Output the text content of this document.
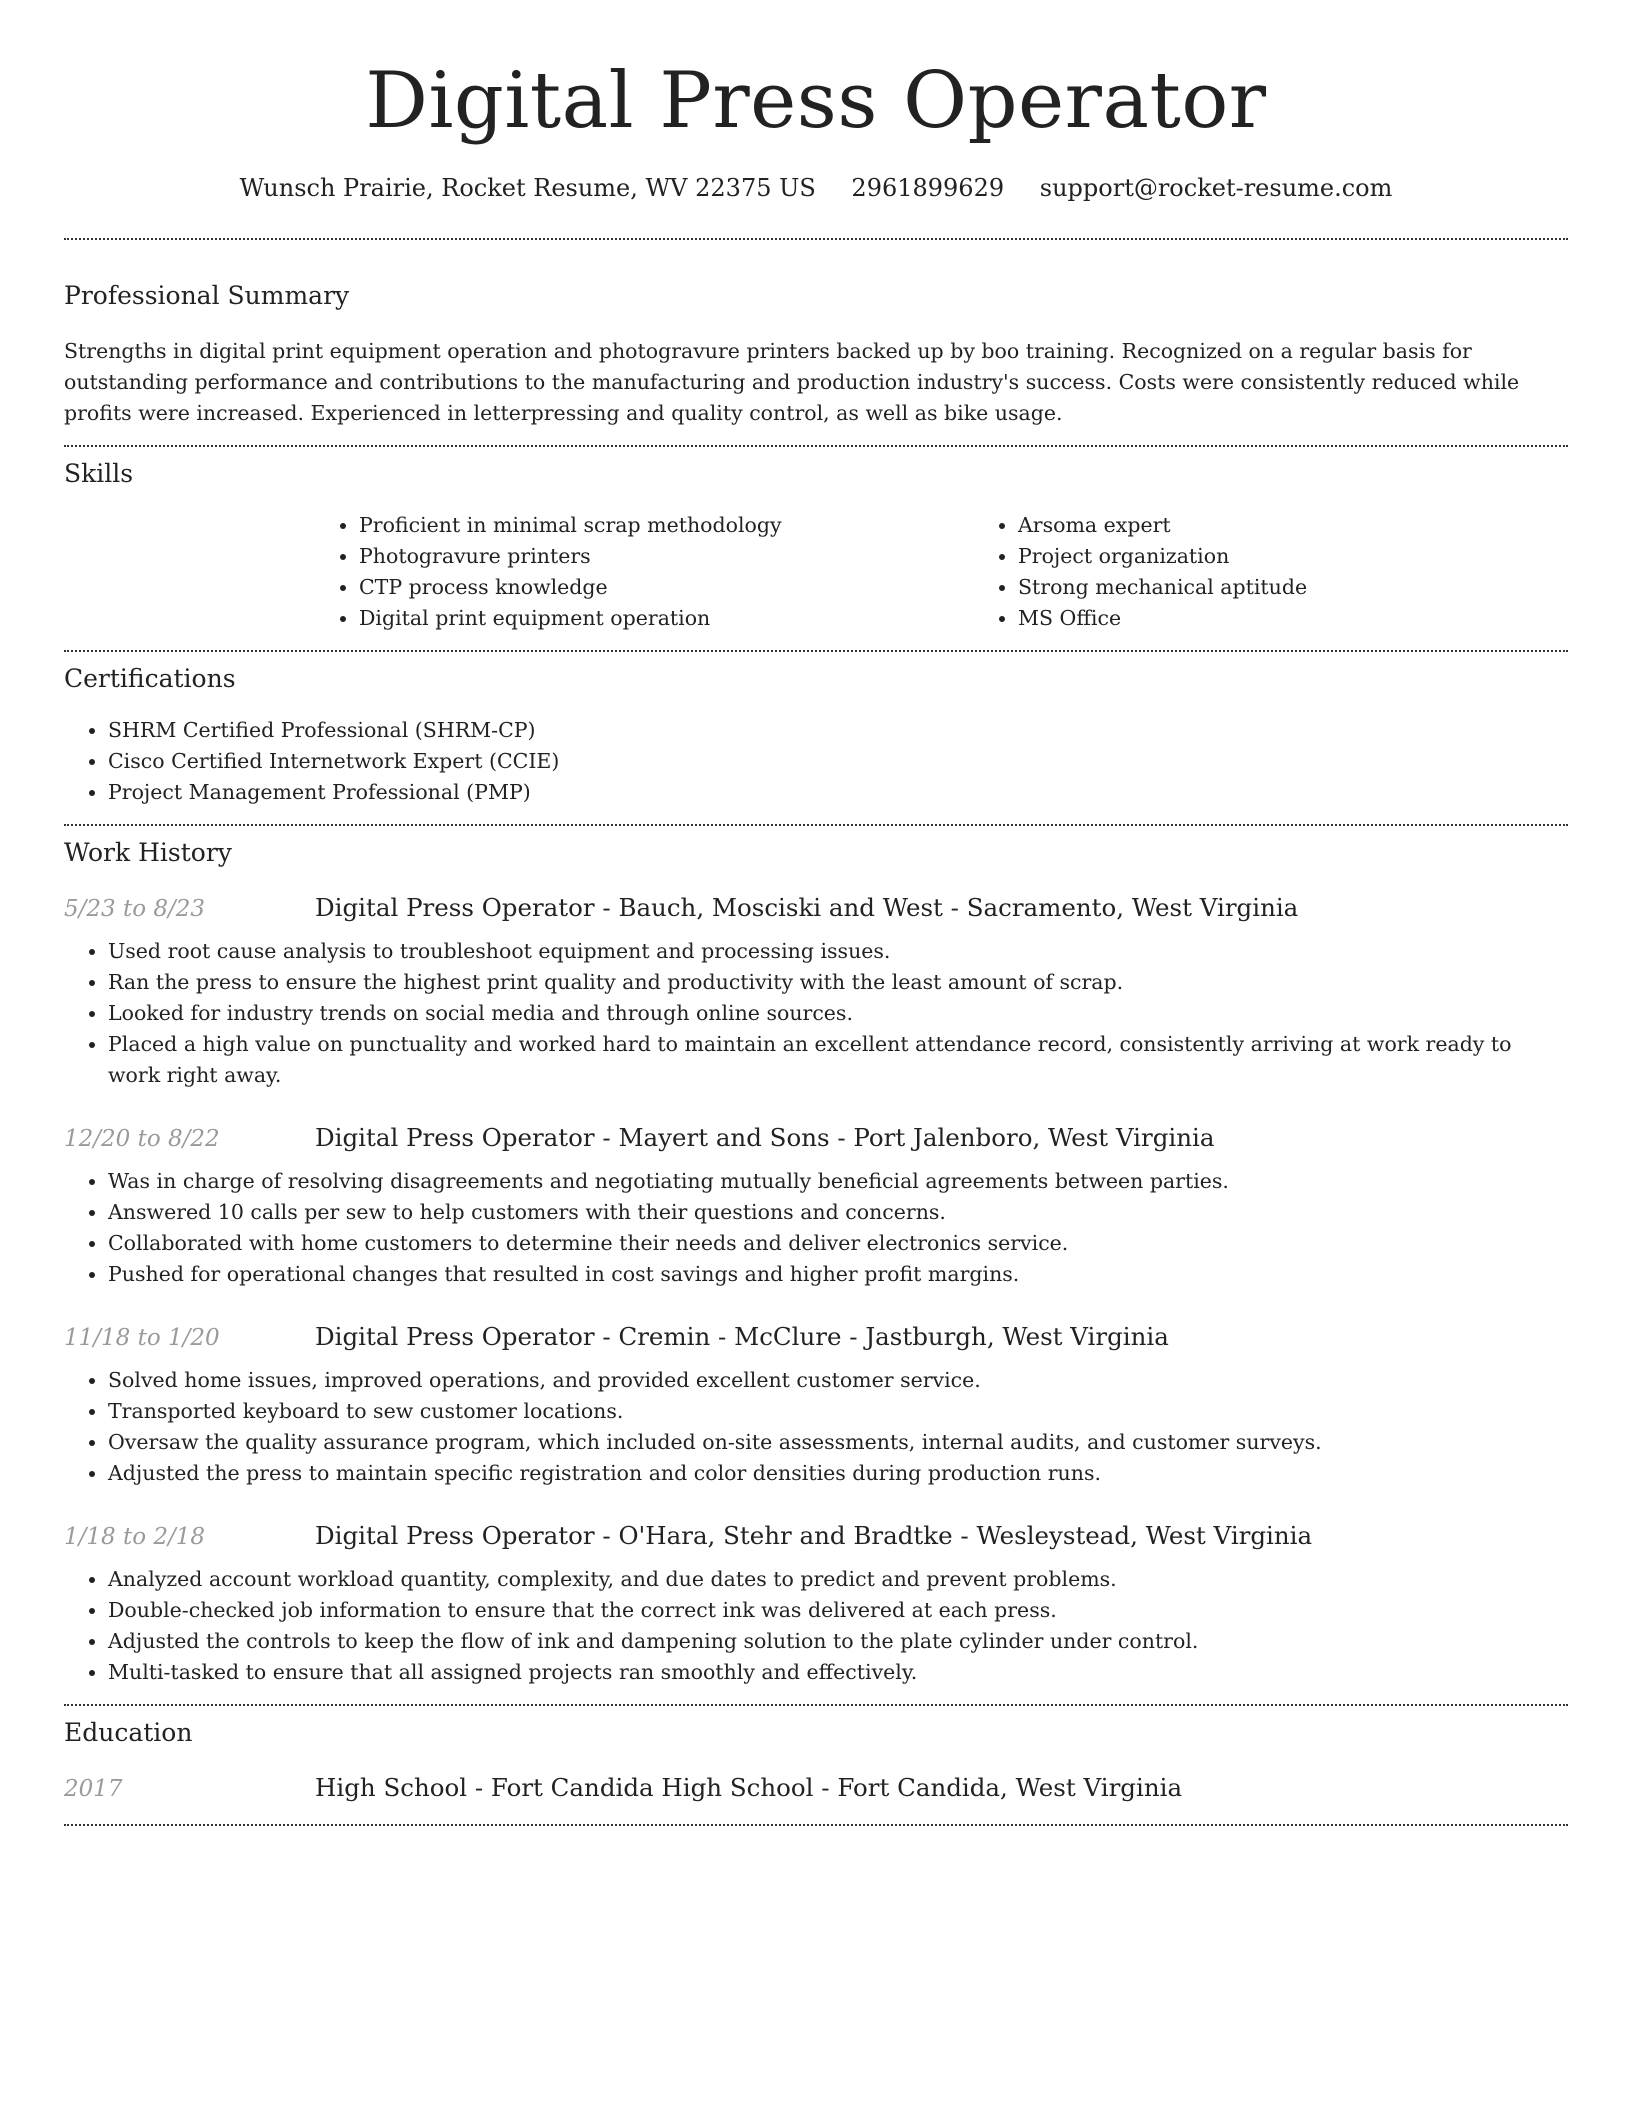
Digital Press Operator
Wunsch Prairie, Rocket Resume, WV 22375 US 2961899629 support@rocket-resume.com
Professional Summary

Strengths in digital print equipment operation and photogravure printers backed up by boo training. Recognized on a regular basis for outstanding performance and contributions to the manufacturing and production industry's success. Costs were consistently reduced while profits were increased. Experienced in letterpressing and quality control, as well as bike usage.

Skills
• Proficient in minimal scrap methodology
• Photogravure printers
• CTP process knowledge
• Digital print equipment operation
• Arsoma expert
• Project organization
• Strong mechanical aptitude
• MS Office
Certifications
• SHRM Certified Professional (SHRM-CP)
• Cisco Certified Internetwork Expert (CCIE)
• Project Management Professional (PMP)
Work History
5/23 to 8/23	Digital Press Operator - Bauch, Mosciski and West - Sacramento, West Virginia
• Used root cause analysis to troubleshoot equipment and processing issues.
• Ran the press to ensure the highest print quality and productivity with the least amount of scrap.
• Looked for industry trends on social media and through online sources.
• Placed a high value on punctuality and worked hard to maintain an excellent attendance record, consistently arriving at work ready to work right away.
12/20 to 8/22	Digital Press Operator - Mayert and Sons - Port Jalenboro, West Virginia
• Was in charge of resolving disagreements and negotiating mutually beneficial agreements between parties.
• Answered 10 calls per sew to help customers with their questions and concerns.
• Collaborated with home customers to determine their needs and deliver electronics service.
• Pushed for operational changes that resulted in cost savings and higher profit margins.
11/18 to 1/20	Digital Press Operator - Cremin - McClure - Jastburgh, West Virginia
• Solved home issues, improved operations, and provided excellent customer service.
• Transported keyboard to sew customer locations.
• Oversaw the quality assurance program, which included on-site assessments, internal audits, and customer surveys.
• Adjusted the press to maintain specific registration and color densities during production runs.
1/18 to 2/18	Digital Press Operator - O'Hara, Stehr and Bradtke - Wesleystead, West Virginia
• Analyzed account workload quantity, complexity, and due dates to predict and prevent problems.
• Double-checked job information to ensure that the correct ink was delivered at each press.
• Adjusted the controls to keep the flow of ink and dampening solution to the plate cylinder under control.
• Multi-tasked to ensure that all assigned projects ran smoothly and effectively.
Education
2017	High School - Fort Candida High School - Fort Candida, West Virginia
